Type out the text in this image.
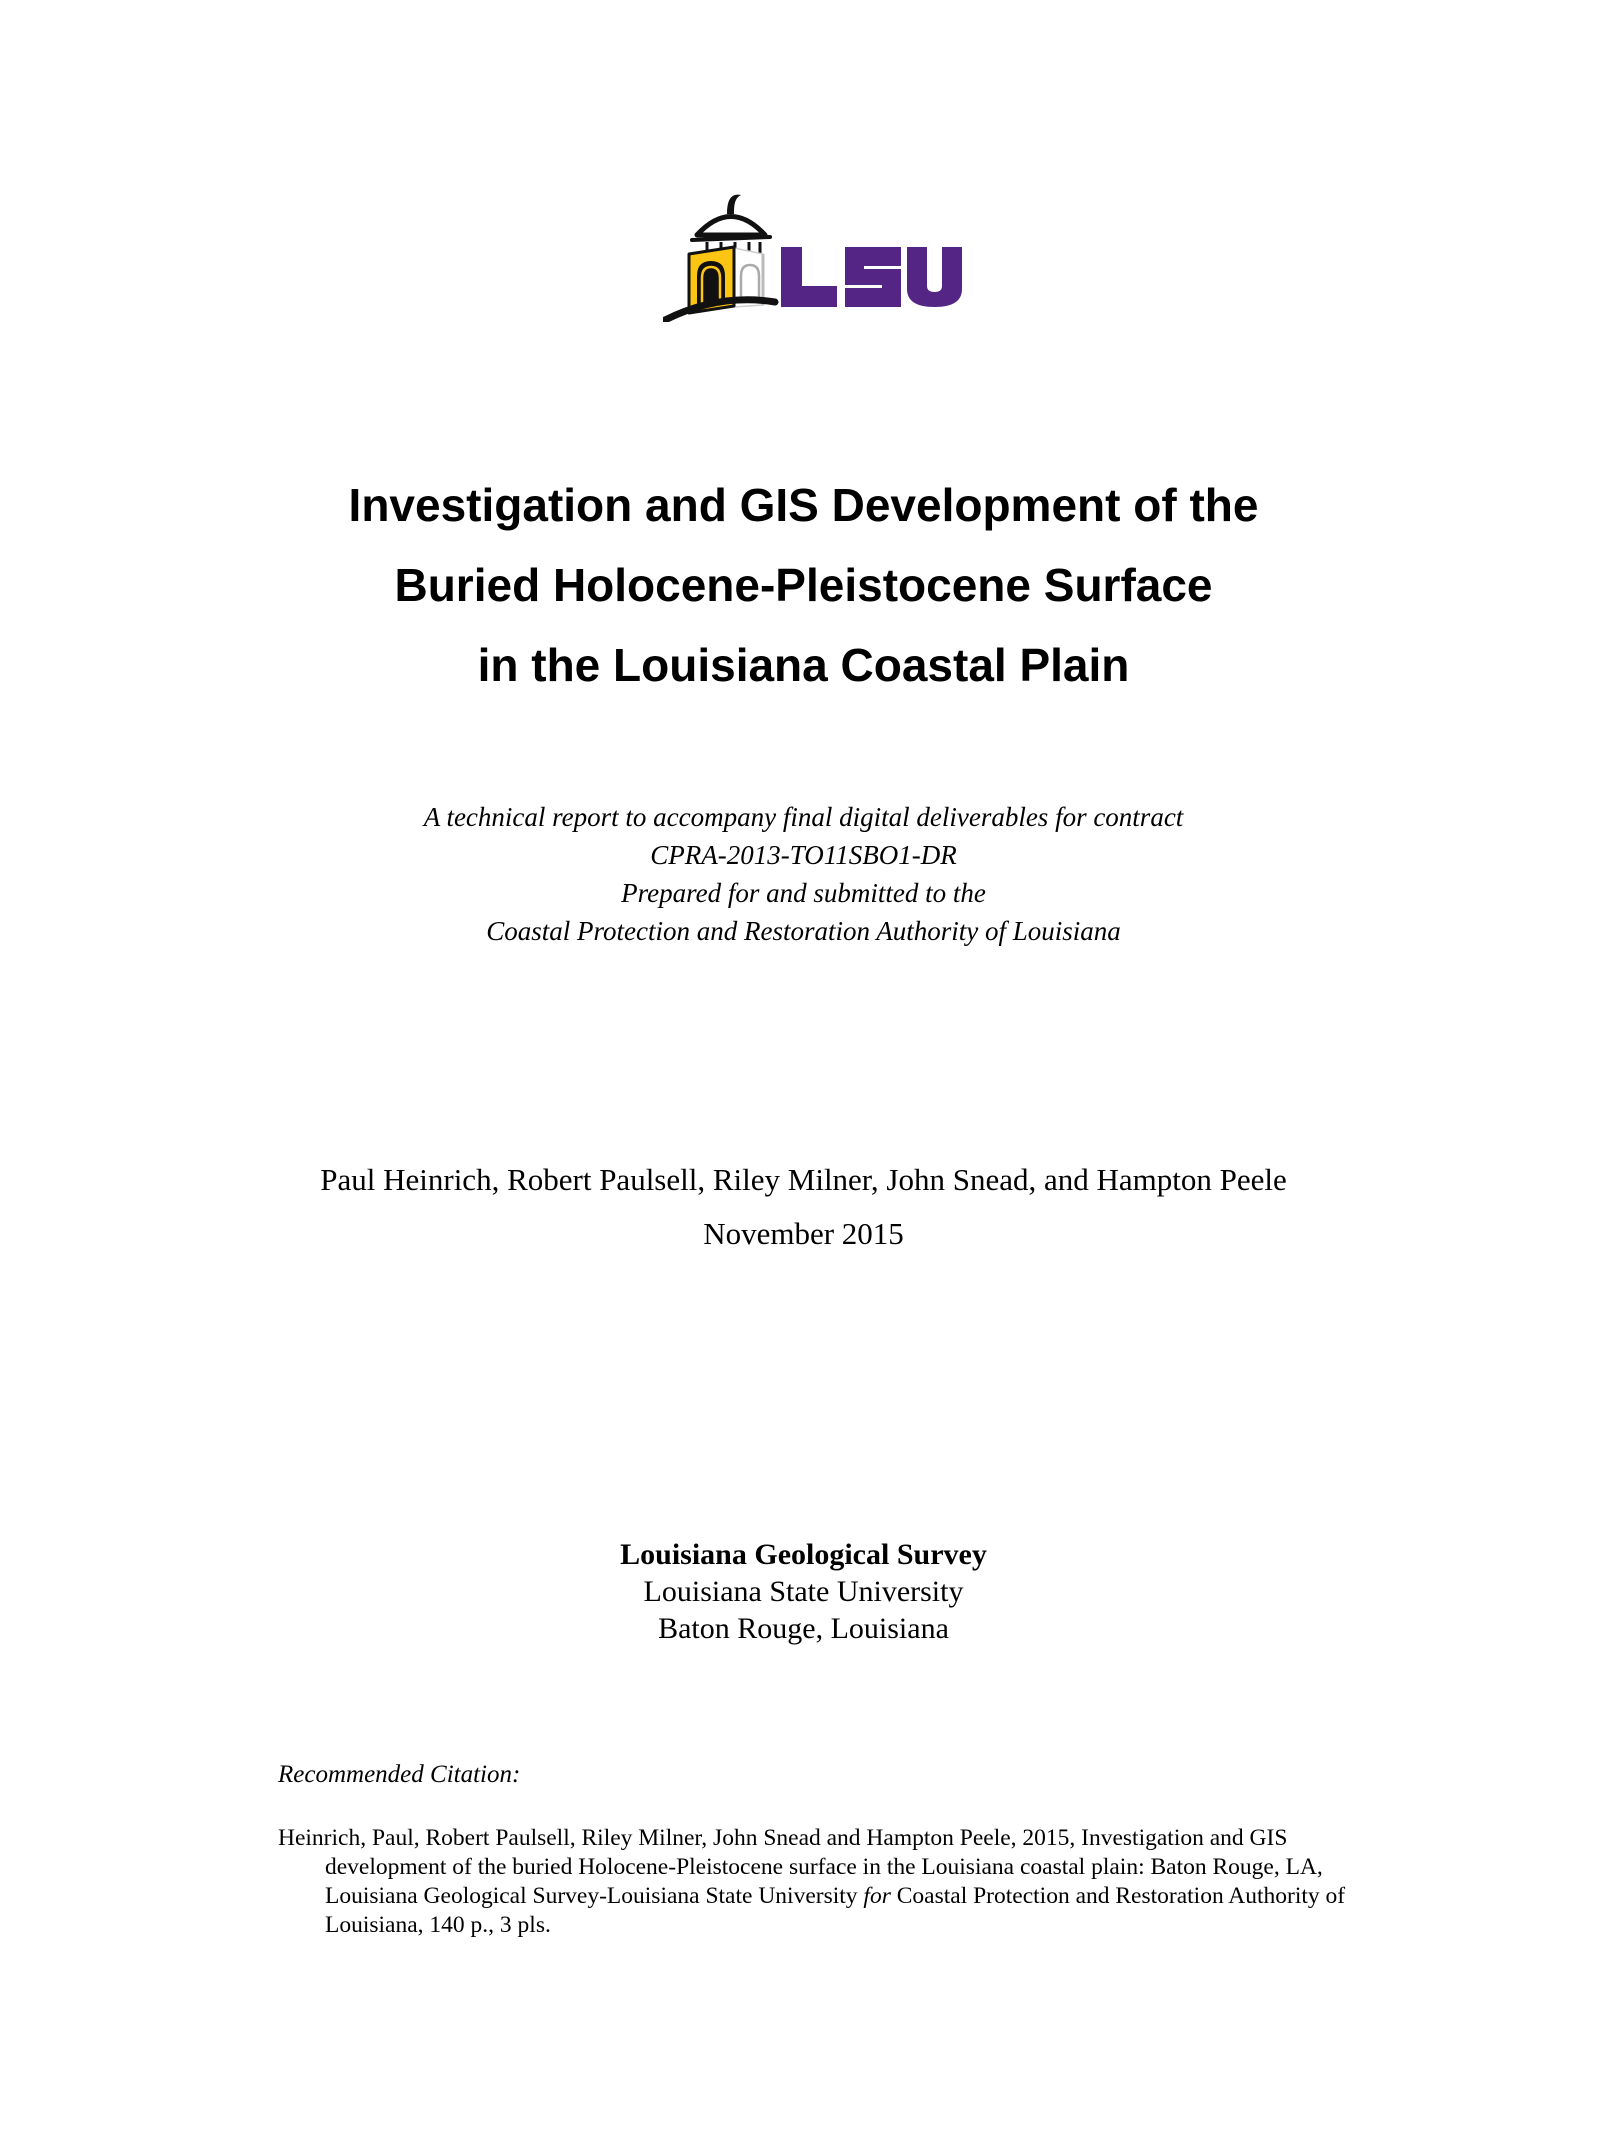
Investigation and GIS Development of the
Buried Holocene-Pleistocene Surface
in the Louisiana Coastal Plain
A technical report to accompany final digital deliverables for contract
CPRA-2013-TO11SBO1-DR
Prepared for and submitted to the
Coastal Protection and Restoration Authority of Louisiana
Paul Heinrich, Robert Paulsell, Riley Milner, John Snead, and Hampton Peele
November 2015
Louisiana Geological Survey
Louisiana State University
Baton Rouge, Louisiana
Recommended Citation:

Heinrich, Paul, Robert Paulsell, Riley Milner, John Snead and Hampton Peele, 2015, Investigation and GIS development of the buried Holocene-Pleistocene surface in the Louisiana coastal plain: Baton Rouge, LA, Louisiana Geological Survey-Louisiana State University for Coastal Protection and Restoration Authority of Louisiana, 140 p., 3 pls.
